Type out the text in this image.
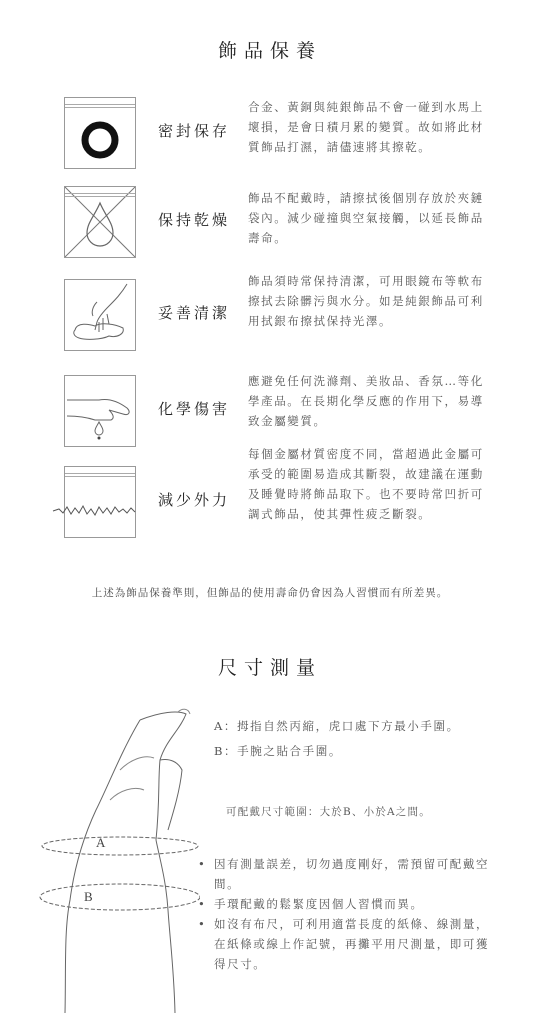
飾品保養
密封保存
合金、黃銅與純銀飾品不會一碰到水馬上壞損，是會日積月累的變質。故如將此材質飾品打濕，請儘速將其擦乾。
保持乾燥
飾品不配戴時，請擦拭後個別存放於夾鏈袋內。減少碰撞與空氣接觸，以延長飾品壽命。
妥善清潔
飾品須時常保持清潔，可用眼鏡布等軟布擦拭去除髒污與水分。如是純銀飾品可利用拭銀布擦拭保持光澤。
化學傷害
應避免任何洗滌劑、美妝品、香氛…等化學產品。在長期化學反應的作用下，易導致金屬變質。
減少外力
每個金屬材質密度不同，當超過此金屬可承受的範圍易造成其斷裂，故建議在運動及睡覺時將飾品取下。也不要時常凹折可調式飾品，使其彈性疲乏斷裂。
上述為飾品保養準則，但飾品的使用壽命仍會因為人習慣而有所差異。
尺寸測量
A
B
A：拇指自然丙縮，虎口處下方最小手圍。
B：手腕之貼合手圍。
可配戴尺寸範圍：大於B、小於A之間。
• 因有測量誤差，切勿過度剛好，需預留可配戴空間。
• 手環配戴的鬆緊度因個人習慣而異。
• 如沒有布尺，可利用適當長度的紙條、線測量，在紙條或線上作記號，再攤平用尺測量，即可獲得尺寸。
